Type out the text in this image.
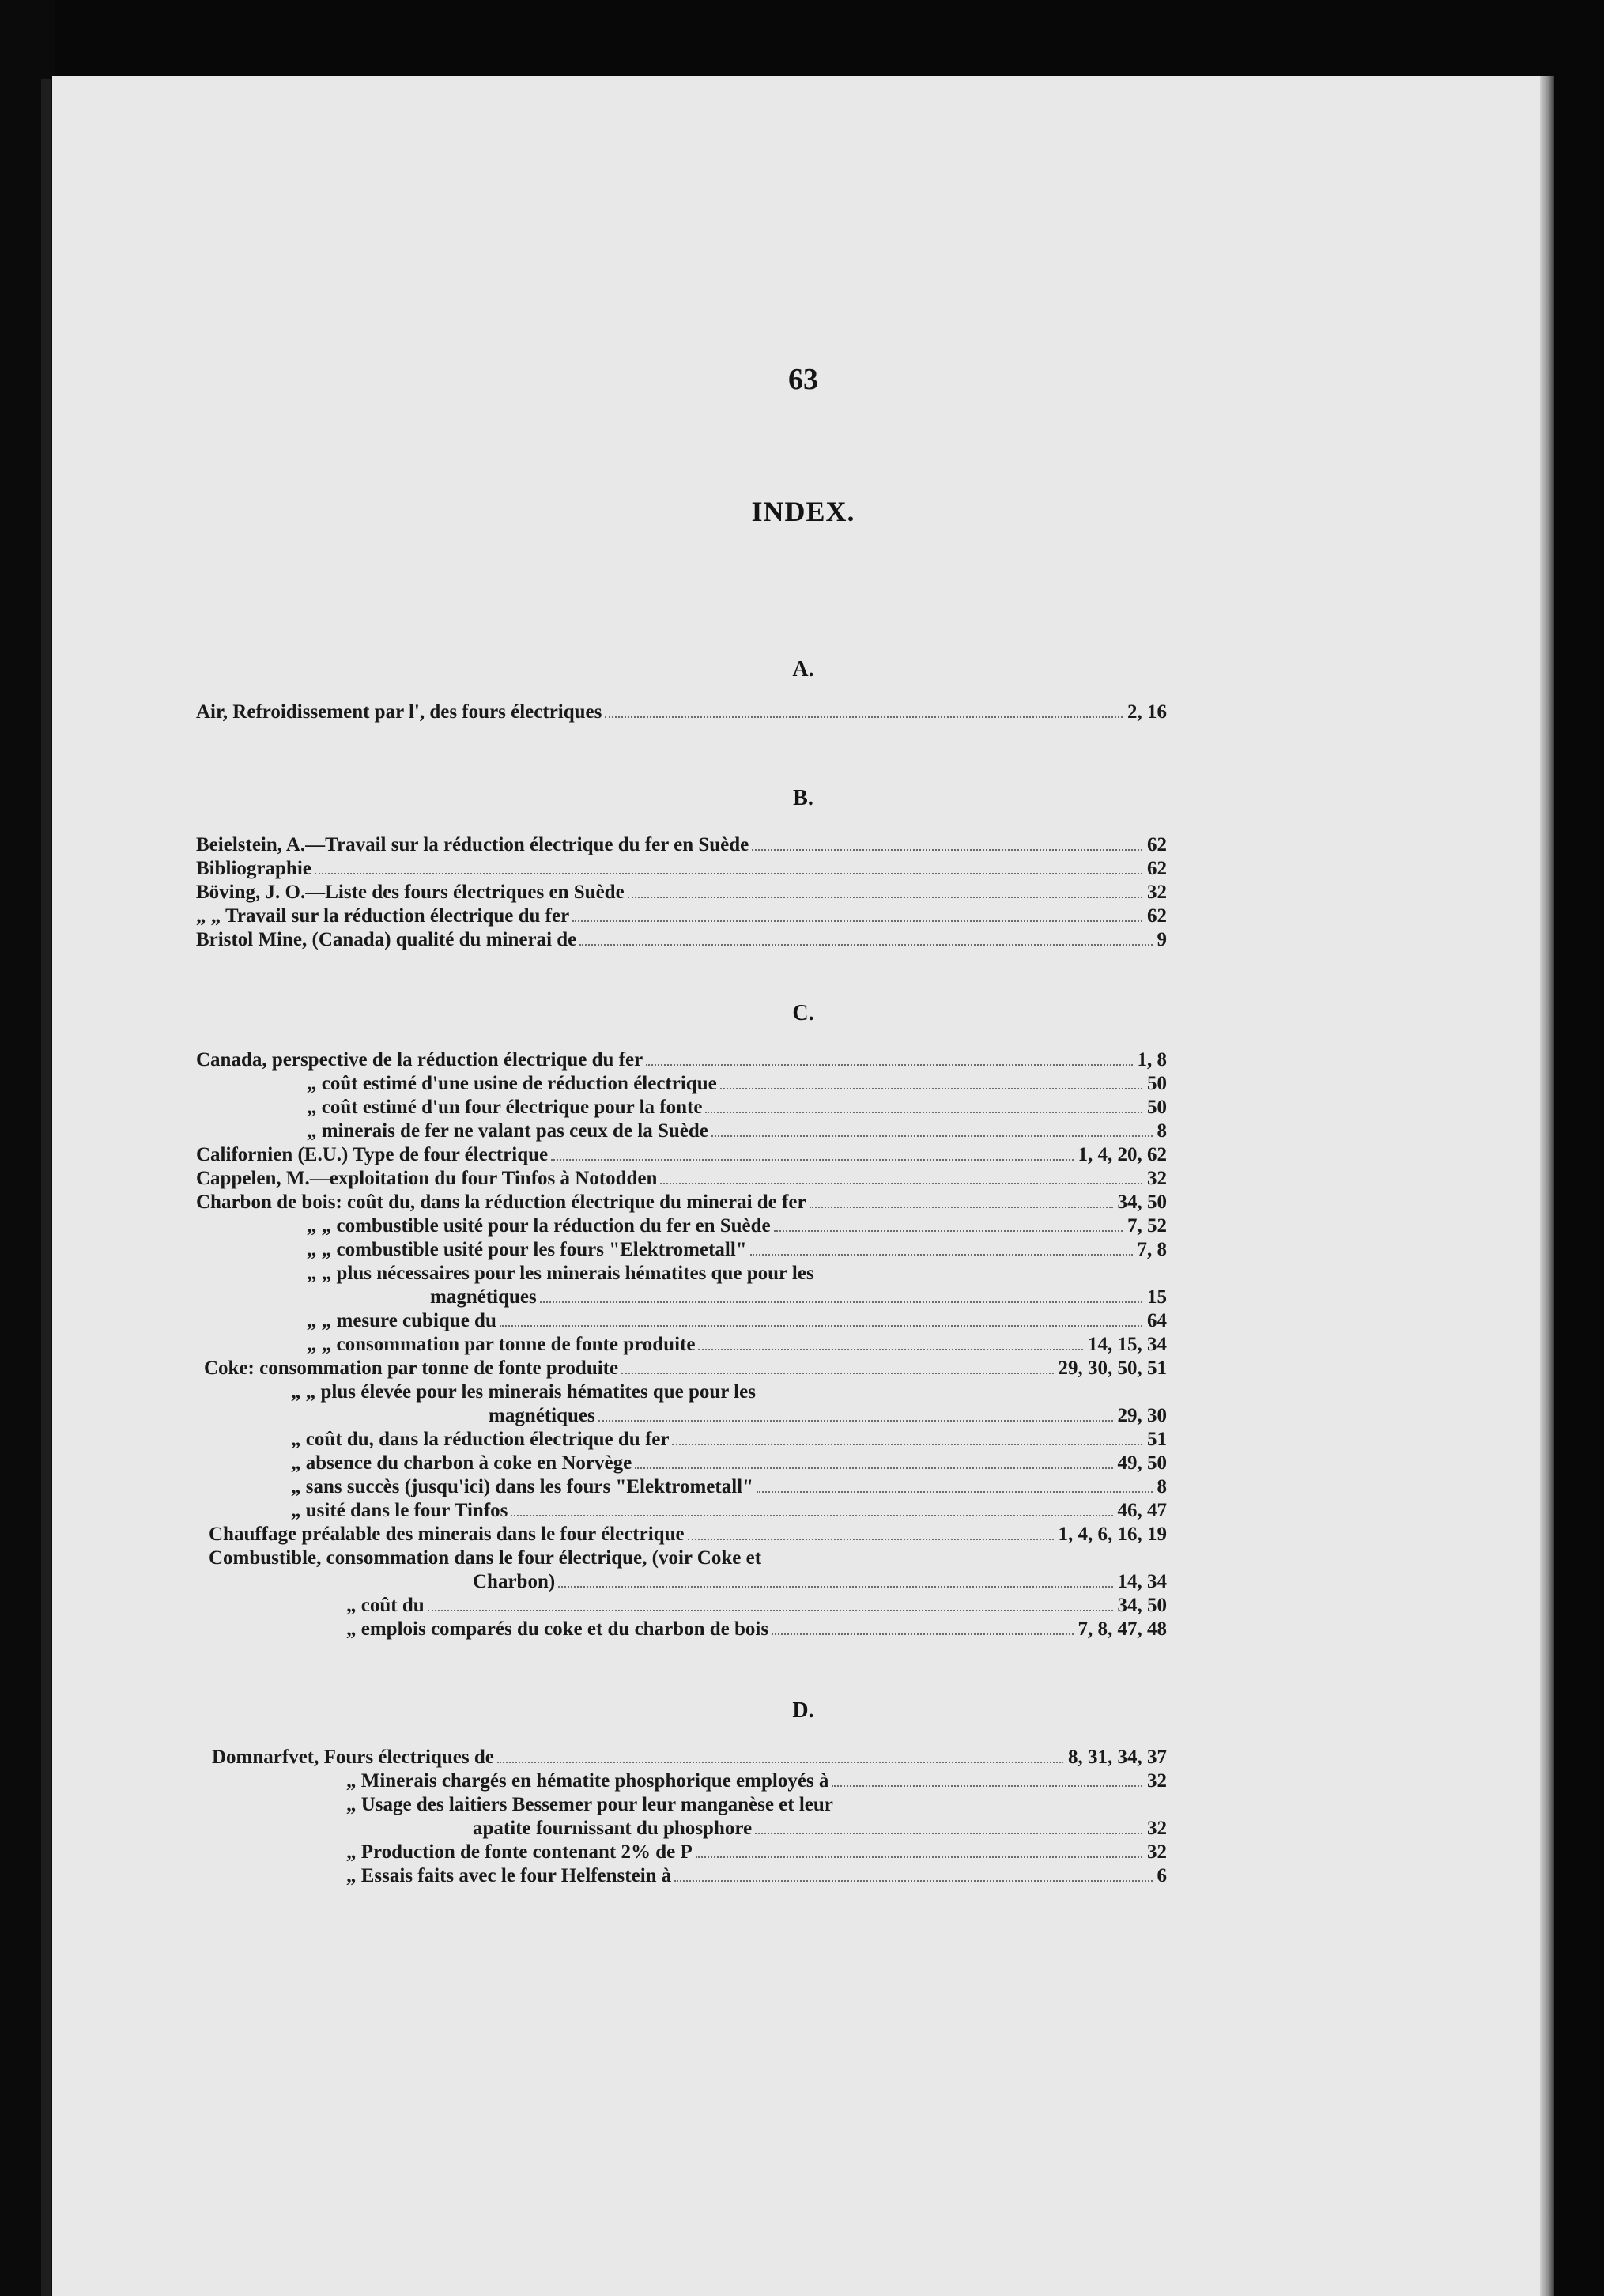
63
INDEX.
A.
Air, Refroidissement par l', des fours électriques	2, 16
B.
Beielstein, A.—Travail sur la réduction électrique du fer en Suède	62
Bibliographie	62
Böving, J. O.—Liste des fours électriques en Suède	32
„ „ Travail sur la réduction électrique du fer	62
Bristol Mine, (Canada) qualité du minerai de	9
C.
Canada, perspective de la réduction électrique du fer	1, 8
„ coût estimé d'une usine de réduction électrique	50
„ coût estimé d'un four électrique pour la fonte	50
„ minerais de fer ne valant pas ceux de la Suède	8
Californien (E.U.) Type de four électrique	1, 4, 20, 62
Cappelen, M.—exploitation du four Tinfos à Notodden	32
Charbon de bois: coût du, dans la réduction électrique du minerai de fer	34, 50
„ „ combustible usité pour la réduction du fer en Suède	7, 52
„ „ combustible usité pour les fours "Elektrometall"	7, 8
„ „ plus nécessaires pour les minerais hématites que pour les
magnétiques	15
„ „ mesure cubique du	64
„ „ consommation par tonne de fonte produite	14, 15, 34
Coke: consommation par tonne de fonte produite	29, 30, 50, 51
„ „ plus élevée pour les minerais hématites que pour les
magnétiques	29, 30
„ coût du, dans la réduction électrique du fer	51
„ absence du charbon à coke en Norvège	49, 50
„ sans succès (jusqu'ici) dans les fours "Elektrometall"	8
„ usité dans le four Tinfos	46, 47
Chauffage préalable des minerais dans le four électrique	1, 4, 6, 16, 19
Combustible, consommation dans le four électrique, (voir Coke et
Charbon)	14, 34
„ coût du	34, 50
„ emplois comparés du coke et du charbon de bois	7, 8, 47, 48
D.
Domnarfvet, Fours électriques de	8, 31, 34, 37
„ Minerais chargés en hématite phosphorique employés à	32
„ Usage des laitiers Bessemer pour leur manganèse et leur
apatite fournissant du phosphore	32
„ Production de fonte contenant 2% de P	32
„ Essais faits avec le four Helfenstein à	6
